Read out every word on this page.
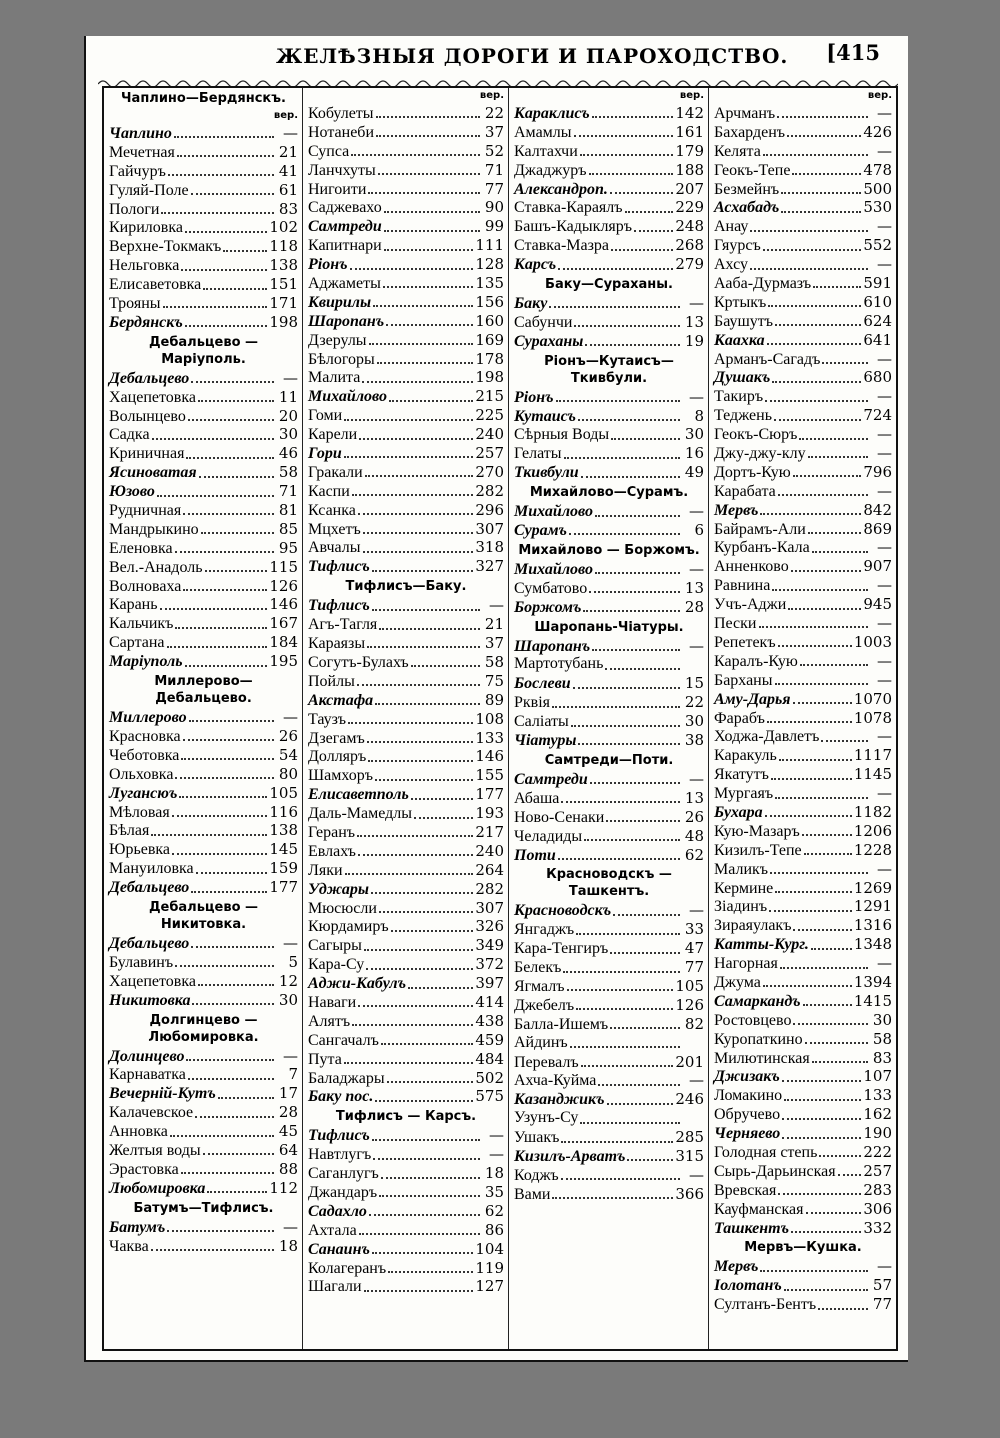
ЖЕЛѢЗНЫЯ ДОРОГИ И ПАРОХОДСТВО. [415
Чаплино—Бердянскъ.
вер.
Чаплино	—
Мечетная	21
Гайчуръ	41
Гуляй-Поле	61
Пологи	83
Кириловка	102
Верхне-Токмакъ	118
Нельговка	138
Елисаветовка	151
Трояны	171
Бердянскъ	198
Дебальцево — Маріуполь.
Дебальцево	—
Хацепетовка	11
Волынцево	20
Садка	30
Криничная	46
Ясиноватая	58
Юзово	71
Рудничная	81
Мандрыкино	85
Еленовка	95
Вел.-Анадоль	115
Волноваха	126
Карань	146
Кальчикъ	167
Сартана	184
Маріуполь	195
Миллерово—Дебальцево.
Миллерово	—
Красновка	26
Чеботовка	54
Ольховка	80
Лугансюъ	105
Мѣловая	116
Бѣлая	138
Юрьевка	145
Мануиловка	159
Дебальцево	177
Дебальцево — Никитовка.
Дебальцево	—
Булавинъ	5
Хацепетовка	12
Никитовка	30
Долгинцево — Любомировка.
Долинцево	—
Карнаватка	7
Вечерній-Кутъ	17
Калачевское	28
Анновка	45
Желтыя воды	64
Эрастовка	88
Любомировка	112
Батумъ—Тифлисъ.
Батумъ	—
Чаква	18
вер.
Кобулеты	22
Нотанеби	37
Супса	52
Ланчхуты	71
Нигоити	77
Саджевахо	90
Самтреди	99
Капитнари	111
Ріонъ	128
Аджаметы	135
Квирилы	156
Шаропанъ	160
Дзерулы	169
Бѣлогоры	178
Малита	198
Михайлово	215
Гоми	225
Карели	240
Гори	257
Гракали	270
Каспи	282
Ксанка	296
Мцхетъ	307
Авчалы	318
Тифлисъ	327
Тифлисъ—Баку.
Тифлисъ	—
Агъ-Тагля	21
Караязы	37
Согутъ-Булахъ	58
Пойлы	75
Акстафа	89
Таузъ	108
Дзегамъ	133
Долляръ	146
Шамхоръ	155
Елисаветполь	177
Даль-Мамедлы	193
Геранъ	217
Евлахъ	240
Ляки	264
Уджары	282
Мюсюсли	307
Кюрдамиръ	326
Сагыры	349
Кара-Су	372
Аджи-Кабулъ	397
Наваги	414
Алятъ	438
Сангачалъ	459
Пута	484
Баладжары	502
Баку пос.	575
Тифлисъ — Карсъ.
Тифлисъ	—
Навтлугъ	—
Саганлугъ	18
Джандаръ	35
Садахло	62
Ахтала	86
Санаинъ	104
Колагеранъ	119
Шагали	127
вер.
Караклисъ	142
Амамлы	161
Калтахчи	179
Джаджуръ	188
Александроп.	207
Ставка-Караялъ	229
Башъ-Кадыкляръ	248
Ставка-Мазра	268
Карсъ	279
Баку—Сураханы.
Баку	—
Сабунчи	13
Сураханы	19
Ріонъ—Кутаисъ—Ткивбули.
Ріонъ	—
Кутаисъ	8
Сѣрныя Воды	30
Гелаты	16
Ткивбули	49
Михайлово—Сурамъ.
Михайлово	—
Сурамъ	6
Михайлово — Боржомъ.
Михайлово	—
Сумбатово	13
Боржомъ	28
Шаропань-Чіатуры.
Шаропанъ	—
Мартотубань
Бослеви	15
Рквія	22
Саліаты	30
Чіатуры	38
Самтреди—Поти.
Самтреди	—
Абаша	13
Ново-Сенаки	26
Челадиды	48
Поти	62
Красноводскъ — Ташкентъ.
Красноводскъ	—
Янгаджъ	33
Кара-Тенгиръ	47
Белекъ	77
Ягмалъ	105
Джебелъ	126
Балла-Ишемъ	82
Айдинъ
Перевалъ	201
Ахча-Куйма	—
Казанджикъ	246
Узунъ-Су
Ушакъ	285
Кизилъ-Арватъ	315
Коджъ	—
Вами	366
вер.
Арчманъ	—
Бахарденъ	426
Келята	—
Геокъ-Тепе	478
Безмейнъ	500
Асхабадъ	530
Анау	—
Гяурсъ	552
Ахсу	—
Ааба-Дурмазъ	591
Кртыкъ	610
Баушутъ	624
Каахка	641
Арманъ-Сагадъ	—
Душакъ	680
Такиръ	—
Теджень	724
Геокъ-Сюръ	—
Джу-джу-клу	—
Дортъ-Кую	796
Карабата	—
Мервъ	842
Байрамъ-Али	869
Курбанъ-Кала	—
Анненково	907
Равнина	—
Учъ-Аджи	945
Пески	—
Репетекъ	1003
Каралъ-Кую	—
Барханы	—
Аму-Дарья	1070
Фарабъ	1078
Ходжа-Давлетъ	—
Каракуль	1117
Якатутъ	1145
Мургаяъ	—
Бухара	1182
Кую-Мазаръ	1206
Кизилъ-Тепе	1228
Маликъ	—
Кермине	1269
Зіадинъ	1291
Зираяулакъ	1316
Катты-Кург.	1348
Нагорная	—
Джума	1394
Самаркандъ	1415
Ростовцево	30
Куропаткино	58
Милютинская	83
Джизакъ	107
Ломакино	133
Обручево	162
Черняево	190
Голодная степь	222
Сырь-Дарьинская 257
Вревская	283
Кауфманская	306
Ташкентъ	332
Мервъ—Кушка.
Мервъ	—
Іолотанъ	57
Султанъ-Бентъ	77
